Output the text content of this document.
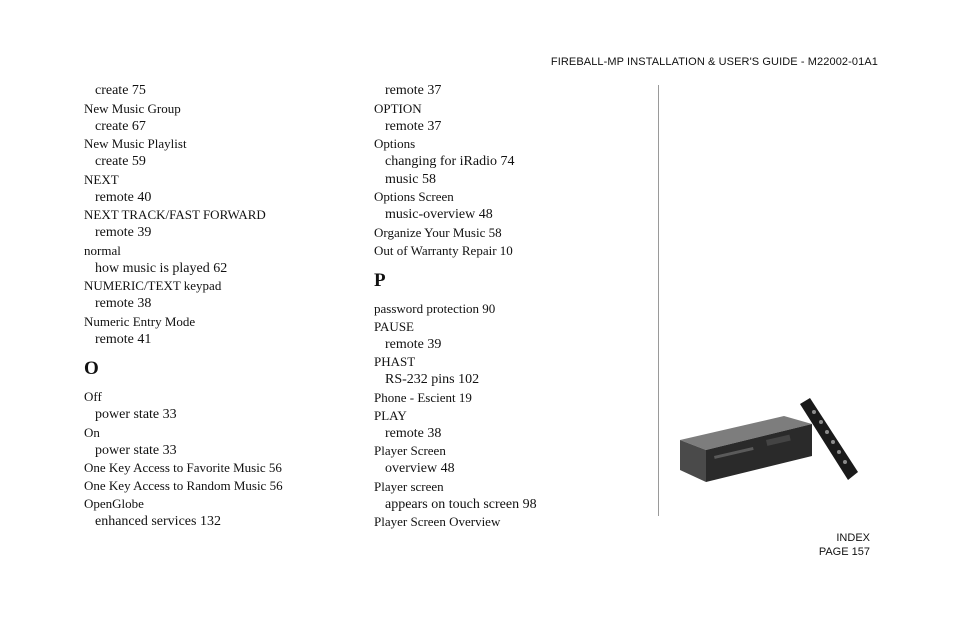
FIREBALL-MP INSTALLATION & USER'S GUIDE - M22002-01A1
create 75
New Music Group
create 67
New Music Playlist
create 59
NEXT
remote 40
NEXT TRACK/FAST FORWARD
remote 39
normal
how music is played 62
NUMERIC/TEXT keypad
remote 38
Numeric Entry Mode
remote 41
O
Off
power state 33
On
power state 33
One Key Access to Favorite Music 56
One Key Access to Random Music 56
OpenGlobe
enhanced services 132
remote 37
OPTION
remote 37
Options
changing for iRadio 74
music 58
Options Screen
music-overview 48
Organize Your Music 58
Out of Warranty Repair 10
P
password protection 90
PAUSE
remote 39
PHAST
RS-232 pins 102
Phone - Escient 19
PLAY
remote 38
Player Screen
overview 48
Player screen
appears on touch screen 98
Player Screen Overview
INDEX
PAGE 157
